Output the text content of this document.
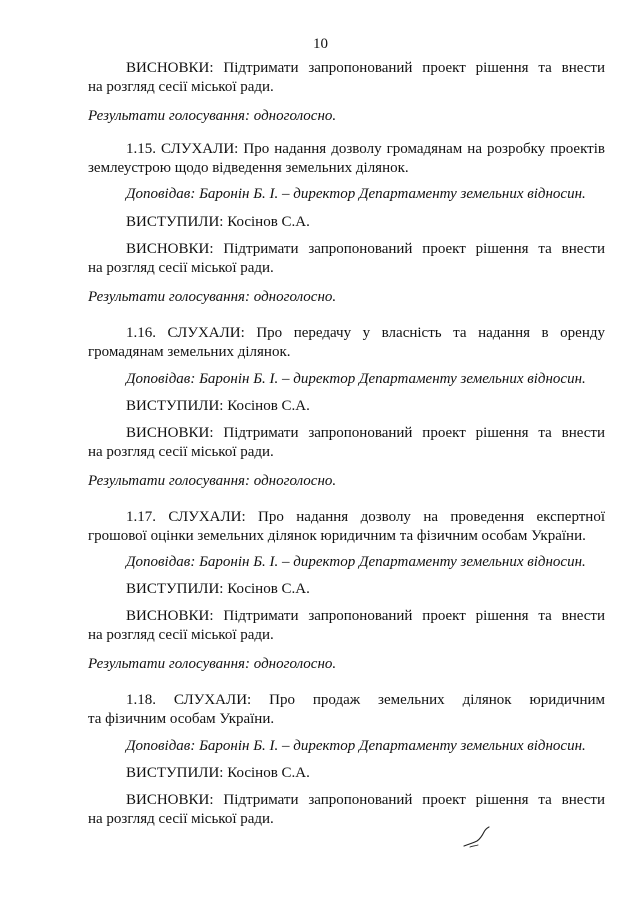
10
ВИСНОВКИ: Підтримати запропонований проект рішення та внести
на розгляд сесії міської ради.
Результати голосування: одноголосно.
1.15. СЛУХАЛИ: Про надання дозволу громадянам на розробку проектів
землеустрою щодо відведення земельних ділянок.
Доповідав: Баронін Б. І. – директор Департаменту земельних відносин.
ВИСТУПИЛИ: Косінов С.А.
ВИСНОВКИ: Підтримати запропонований проект рішення та внести
на розгляд сесії міської ради.
Результати голосування: одноголосно.
1.16. СЛУХАЛИ: Про передачу у власність та надання в оренду
громадянам земельних ділянок.
Доповідав: Баронін Б. І. – директор Департаменту земельних відносин.
ВИСТУПИЛИ: Косінов С.А.
ВИСНОВКИ: Підтримати запропонований проект рішення та внести
на розгляд сесії міської ради.
Результати голосування: одноголосно.
1.17. СЛУХАЛИ: Про надання дозволу на проведення експертної
грошової оцінки земельних ділянок юридичним та фізичним особам України.
Доповідав: Баронін Б. І. – директор Департаменту земельних відносин.
ВИСТУПИЛИ: Косінов С.А.
ВИСНОВКИ: Підтримати запропонований проект рішення та внести
на розгляд сесії міської ради.
Результати голосування: одноголосно.
1.18. СЛУХАЛИ: Про продаж земельних ділянок юридичним
та фізичним особам України.
Доповідав: Баронін Б. І. – директор Департаменту земельних відносин.
ВИСТУПИЛИ: Косінов С.А.
ВИСНОВКИ: Підтримати запропонований проект рішення та внести
на розгляд сесії міської ради.
